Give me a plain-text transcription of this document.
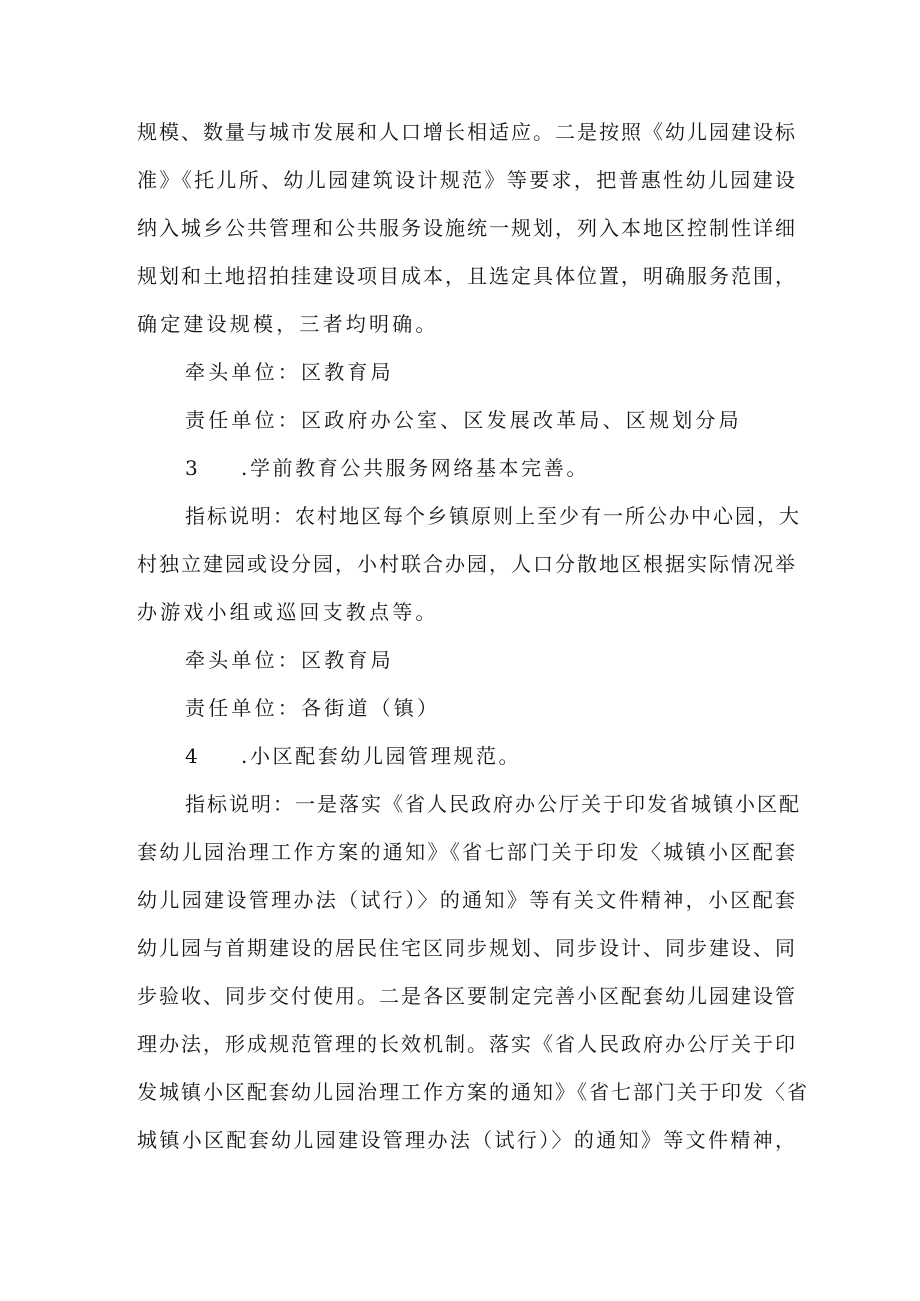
规模、数量与城市发展和人口增长相适应。二是按照《幼儿园建设标

准》《托儿所、幼儿园建筑设计规范》等要求，把普惠性幼儿园建设

纳入城乡公共管理和公共服务设施统一规划，列入本地区控制性详细

规划和土地招拍挂建设项目成本，且选定具体位置，明确服务范围，

确定建设规模，三者均明确。

牵头单位：区教育局

责任单位：区政府办公室、区发展改革局、区规划分局

3 .学前教育公共服务网络基本完善。

指标说明：农村地区每个乡镇原则上至少有一所公办中心园，大

村独立建园或设分园，小村联合办园，人口分散地区根据实际情况举

办游戏小组或巡回支教点等。

牵头单位：区教育局

责任单位：各街道（镇）

4 .小区配套幼儿园管理规范。

指标说明：一是落实《省人民政府办公厅关于印发省城镇小区配

套幼儿园治理工作方案的通知》《省七部门关于印发〈城镇小区配套

幼儿园建设管理办法（试行）〉的通知》等有关文件精神，小区配套

幼儿园与首期建设的居民住宅区同步规划、同步设计、同步建设、同

步验收、同步交付使用。二是各区要制定完善小区配套幼儿园建设管

理办法，形成规范管理的长效机制。落实《省人民政府办公厅关于印

发城镇小区配套幼儿园治理工作方案的通知》《省七部门关于印发〈省

城镇小区配套幼儿园建设管理办法（试行）〉的通知》等文件精神，
